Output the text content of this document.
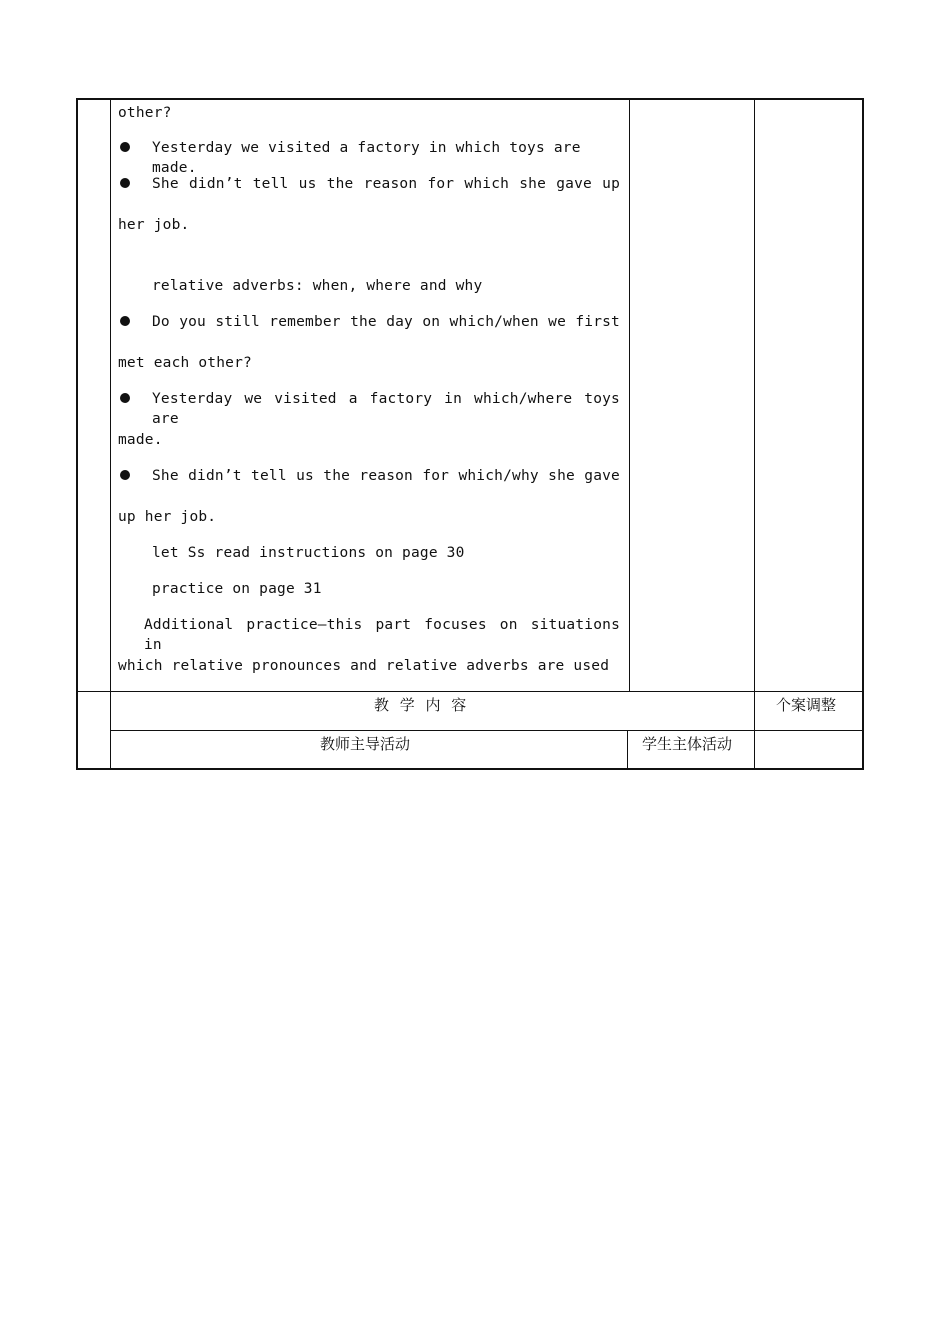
other?
Yesterday we visited a factory in which toys are made.
She didn’t tell us the reason for which she gave up
her job.
relative adverbs: when, where and why
Do you still remember the day on which/when we first
met each other?
Yesterday we visited a factory in which/where toys are
made.
She didn’t tell us the reason for which/why she gave
up her job.
let Ss read instructions on page 30
practice on page 31
Additional practice—this part focuses on situations in
which relative pronounces and relative adverbs are used
教 学 内 容	个案调整
教师主导活动	学生主体活动
